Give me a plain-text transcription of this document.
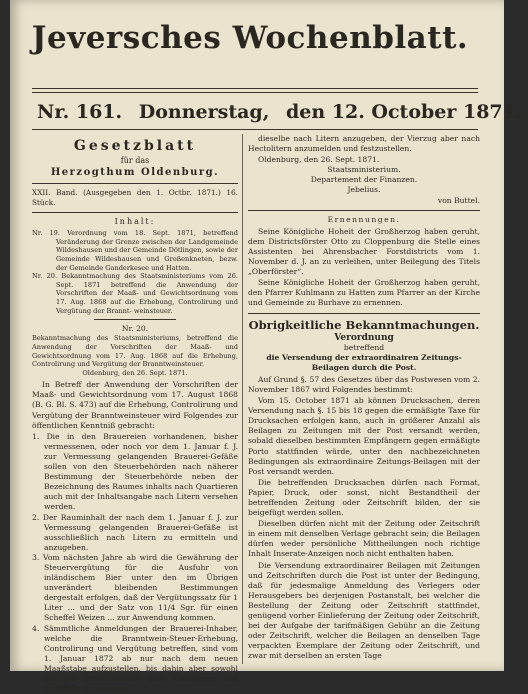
Jeversches Wochenblatt.
Nr. 161. Donnerstag, den 12. October 1871.
Gesetzblatt
für das
Herzogthum Oldenburg.
XXII. Band. (Ausgegeben den 1. Octbr. 1871.) 16. Stück.
Inhalt:
Nr. 19. Verordnung vom 18. Sept. 1871, betreffend Veränderung der Grenze zwischen der Landgemeinde Wildeshausen und der Gemeinde Dötlingen, sowie der Gemeinde Wildeshausen und Großenkneten, bezw. der Gemeinde Ganderkesee und Hatten.
Nr. 20. Bekanntmachung des Staatsministeriums vom 26. Sept. 1871 betreffend die Anwendung der Vorschriften der Maaß- und Gewichtsordnung vom 17. Aug. 1868 auf die Erhebung, Controlirung und Vergütung der Brannt- weinsteuer.
Nr. 20.
Bekanntmachung des Staatsministeriums, betreffend die Anwendung der Vorschriften der Maaß- und Gewichtsordnung vom 17. Aug. 1868 auf die Erhebung, Controlirung und Vergütung der Branntweinsteuer.
Oldenburg, den 26. Sept. 1871.
In Betreff der Anwendung der Vorschriften der Maaß- und Gewichtsordnung vom 17. August 1868 (B. G. Bl. S. 473) auf die Erhebung, Controlirung und Vergütung der Branntweinsteuer wird Folgendes zur öffentlichen Kenntniß gebracht:
1. Die in den Brauereien vorhandenen, bisher vermessenen, oder noch vor dem 1. Januar f. J. zur Vermessung gelangenden Brauerei-Gefäße sollen von den Steuerbehörden nach näherer Bestimmung der Steuerbehörde neben der Bezeichnung des Raumes inhalts nach Quartieren auch mit der Inhaltsangabe nach Litern versehen werden.
2. Der Rauminhalt der nach dem 1. Januar f. J. zur Vermessung gelangenden Brauerei-Gefäße ist ausschließlich nach Litern zu ermitteln und anzugeben.
3. Vom nächsten Jahre ab wird die Gewährung der Steuervergütung für die Ausfuhr von inländischem Bier unter den im Übrigen unverändert bleibenden Bestimmungen dergestalt erfolgen, daß der Vergütungssatz für 1 Liter ... und der Satz von 11/4 Sgr. für einen Scheffel Weizen ... zur Anwendung kommen.
4. Sämmtliche Anmeldungen der Brauerei-Inhaber, welche die Branntwein-Steuer-Erhebung, Controlirung und Vergütung betreffen, sind vom 1. Januar 1872 ab nur nach dem neuen Maaßstabe aufzustellen, bis dahin aber sowohl mit der Inhaltsangabe nach Quartieren und Scheffeln zu versehen.
dieselbe nach Litern anzugeben, der Vierzug aber nach Hectolitern anzumelden und festzustellen.
Oldenburg, den 26. Sept. 1871.
Staatsministerium.
Departement der Finanzen.
Jebelius.
von Buttel.
Ernennungen.
Seine Königliche Hoheit der Großherzog haben geruht, dem Districtsförster Otto zu Cloppenburg die Stelle eines Assistenten bei Ahrensbacher Forstdistricts vom 1. November d. J. an zu verleihen, unter Beilegung des Titels „Oberförster“.
Seine Königliche Hoheit der Großherzog haben geruht, den Pfarrer Kuhlmann zu Hatten zum Pfarrer an der Kirche und Gemeinde zu Burhave zu ernennen.
Obrigkeitliche Bekanntmachungen.
Verordnung
betreffend
die Versendung der extraordinairen Zeitungs-Beilagen durch die Post.
Auf Grund §. 57 des Gesetzes über das Postwesen vom 2. November 1867 wird Folgendes bestimmt:
Vom 15. October 1871 ab können Drucksachen, deren Versendung nach §. 15 bis 18 gegen die ermäßigte Taxe für Drucksachen erfolgen kann, auch in größerer Anzahl als Beilagen zu Zeitungen mit der Post versandt werden, sobald dieselben bestimmten Empfängern gegen ermäßigte Porto stattfinden würde, unter den nachbezeichneten Bedingungen als extraordinaire Zeitungs-Beilagen mit der Post versandt werden.
Die betreffenden Drucksachen dürfen nach Format, Papier, Druck, oder sonst, nicht Bestandtheil der betreffenden Zeitung oder Zeitschrift bilden, der sie beigefügt werden sollen.
Dieselben dürfen nicht mit der Zeitung oder Zeitschrift in einem mit denselben Verlage gebracht sein; die Beilagen dürfen weder persönliche Mittheilungen noch richtige Inhalt Inserate-Anzeigen noch nicht enthalten haben.
Die Versendung extraordinairer Beilagen mit Zeitungen und Zeitschriften durch die Post ist unter der Bedingung, daß für jedesmalige Anmeldung des Verlegers oder Herausgebers bei derjenigen Postanstalt, bei welcher die Bestellung der Zeitung oder Zeitschrift stattfindet, genügend vorher Einlieferung der Zeitung oder Zeitschrift, bei der Aufgabe der tarifmäßigen Gebühr an die Zeitung oder Zeitschrift, welcher die Beilagen an denselben Tage verpackten Exemplare der Zeitung oder Zeitschrift, und zwar mit derselben an ersten Tage
